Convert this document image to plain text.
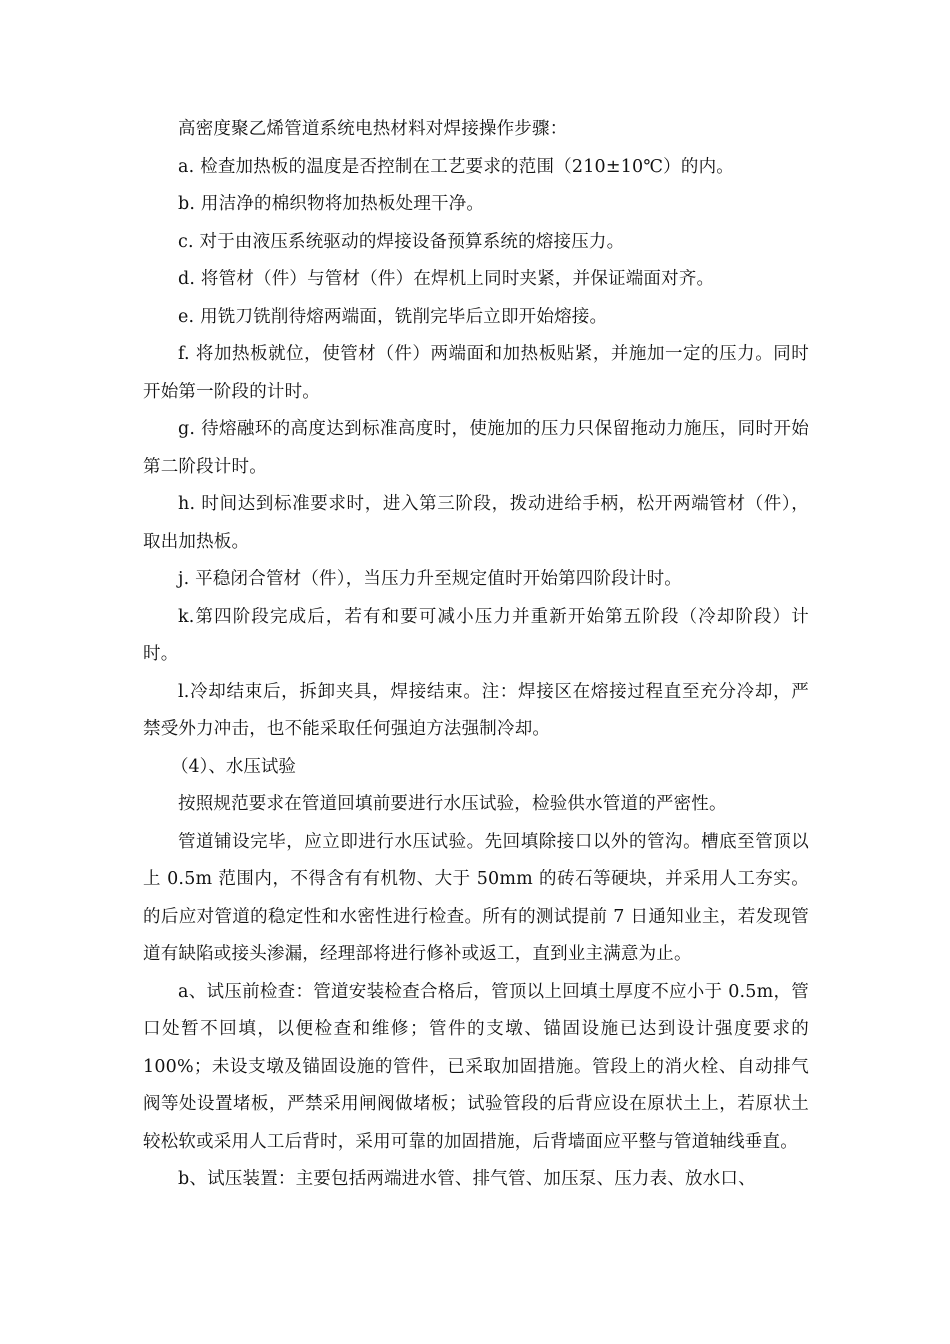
高密度聚乙烯管道系统电热材料对焊接操作步骤：

a. 检查加热板的温度是否控制在工艺要求的范围（210±10℃）的内。

b. 用洁净的棉织物将加热板处理干净。

c. 对于由液压系统驱动的焊接设备预算系统的熔接压力。

d. 将管材（件）与管材（件）在焊机上同时夹紧，并保证端面对齐。

e. 用铣刀铣削待熔两端面，铣削完毕后立即开始熔接。

f. 将加热板就位，使管材（件）两端面和加热板贴紧，并施加一定的压力。同时开始第一阶段的计时。

g. 待熔融环的高度达到标准高度时，使施加的压力只保留拖动力施压，同时开始第二阶段计时。

h. 时间达到标准要求时，进入第三阶段，拨动进给手柄，松开两端管材（件），取出加热板。

j. 平稳闭合管材（件），当压力升至规定值时开始第四阶段计时。

k.第四阶段完成后，若有和要可减小压力并重新开始第五阶段（冷却阶段）计时。

l.冷却结束后，拆卸夹具，焊接结束。注：焊接区在熔接过程直至充分冷却，严禁受外力冲击，也不能采取任何强迫方法强制冷却。

（4）、水压试验

按照规范要求在管道回填前要进行水压试验，检验供水管道的严密性。

管道铺设完毕，应立即进行水压试验。先回填除接口以外的管沟。槽底至管顶以上 0.5m 范围内，不得含有有机物、大于 50mm 的砖石等硬块，并采用人工夯实。的后应对管道的稳定性和水密性进行检查。所有的测试提前 7 日通知业主，若发现管道有缺陷或接头渗漏，经理部将进行修补或返工，直到业主满意为止。

a、试压前检查：管道安装检查合格后，管顶以上回填土厚度不应小于 0.5m，管口处暂不回填，以便检查和维修；管件的支墩、锚固设施已达到设计强度要求的 100%；未设支墩及锚固设施的管件，已采取加固措施。管段上的消火栓、自动排气阀等处设置堵板，严禁采用闸阀做堵板；试验管段的后背应设在原状土上，若原状土较松软或采用人工后背时，采用可靠的加固措施，后背墙面应平整与管道轴线垂直。

b、试压装置：主要包括两端进水管、排气管、加压泵、压力表、放水口、
